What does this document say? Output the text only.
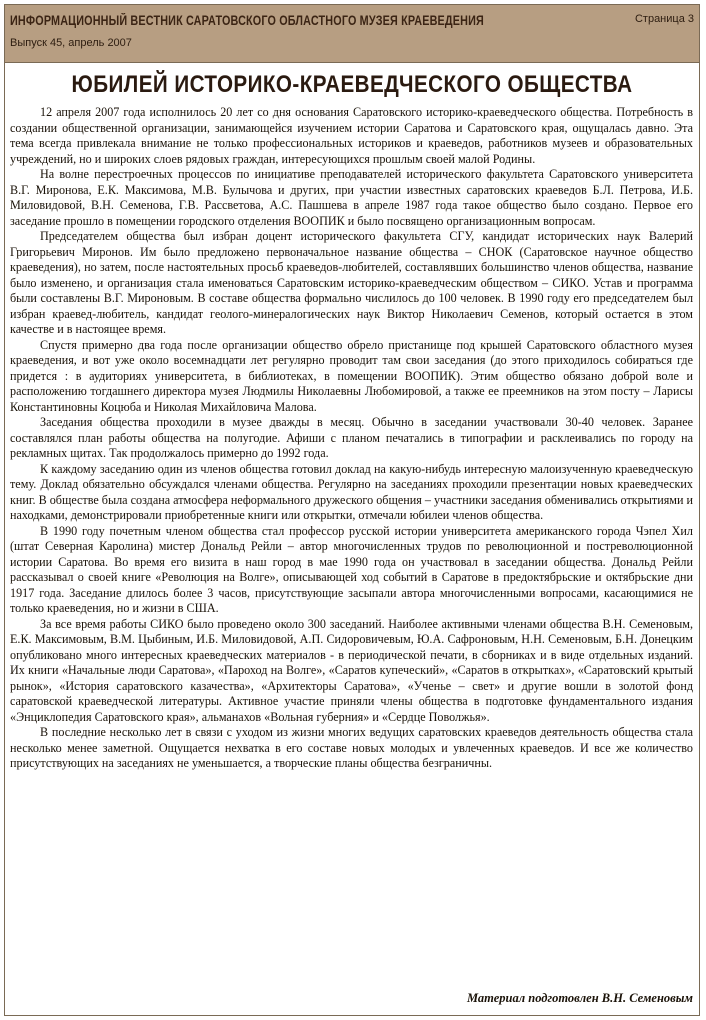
ИНФОРМАЦИОННЫЙ ВЕСТНИК САРАТОВСКОГО ОБЛАСТНОГО МУЗЕЯ КРАЕВЕДЕНИЯ
Выпуск 45, апрель 2007
Страница 3
ЮБИЛЕЙ ИСТОРИКО-КРАЕВЕДЧЕСКОГО ОБЩЕСТВА

12 апреля 2007 года исполнилось 20 лет со дня основания Саратовского историко-краеведческого общества. Потребность в создании общественной организации, занимающейся изучением истории Саратова и Саратовского края, ощущалась давно. Эта тема всегда привлекала внимание не только профессиональных историков и краеведов, работников музеев и образовательных учреждений, но и широких слоев рядовых граждан, интересующихся прошлым своей малой Родины.

На волне перестроечных процессов по инициативе преподавателей исторического факультета Саратовского университета В.Г. Миронова, Е.К. Максимова, М.В. Булычова и других, при участии известных саратовских краеведов Б.Л. Петрова, И.Б. Миловидовой, В.Н. Семенова, Г.В. Рассветова, А.С. Пашшева в апреле 1987 года такое общество было создано. Первое его заседание прошло в помещении городского отделения ВООПИК и было посвящено организационным вопросам.

Председателем общества был избран доцент исторического факультета СГУ, кандидат исторических наук Валерий Григорьевич Миронов. Им было предложено первоначальное название общества – СНОК (Саратовское научное общество краеведения), но затем, после настоятельных просьб краеведов-любителей, составлявших большинство членов общества, название было изменено, и организация стала именоваться Саратовским историко-краеведческим обществом – СИКО. Устав и программа были составлены В.Г. Мироновым. В составе общества формально числилось до 100 человек. В 1990 году его председателем был избран краевед-любитель, кандидат геолого-минералогических наук Виктор Николаевич Семенов, который остается в этом качестве и в настоящее время.

Спустя примерно два года после организации общество обрело пристанище под крышей Саратовского областного музея краеведения, и вот уже около восемнадцати лет регулярно проводит там свои заседания (до этого приходилось собираться где придется : в аудиториях университета, в библиотеках, в помещении ВООПИК). Этим общество обязано доброй воле и расположению тогдашнего директора музея Людмилы Николаевны Любомировой, а также ее преемников на этом посту – Ларисы Константиновны Коцюба и Николая Михайловича Малова.

Заседания общества проходили в музее дважды в месяц. Обычно в заседании участвовали 30-40 человек. Заранее составлялся план работы общества на полугодие. Афиши с планом печатались в типографии и расклеивались по городу на рекламных щитах. Так продолжалось примерно до 1992 года.

К каждому заседанию один из членов общества готовил доклад на какую-нибудь интересную малоизученную краеведческую тему. Доклад обязательно обсуждался членами общества. Регулярно на заседаниях проходили презентации новых краеведческих книг. В обществе была создана атмосфера неформального дружеского общения – участники заседания обменивались открытиями и находками, демонстрировали приобретенные книги или открытки, отмечали юбилеи членов общества.

В 1990 году почетным членом общества стал профессор русской истории университета американского города Чэпел Хил (штат Северная Каролина) мистер Дональд Рейли – автор многочисленных трудов по революционной и постреволюционной истории Саратова. Во время его визита в наш город в мае 1990 года он участвовал в заседании общества. Дональд Рейли рассказывал о своей книге «Революция на Волге», описывающей ход событий в Саратове в предоктябрьские и октябрьские дни 1917 года. Заседание длилось более 3 часов, присутствующие засыпали автора многочисленными вопросами, касающимися не только краеведения, но и жизни в США.

За все время работы СИКО было проведено около 300 заседаний. Наиболее активными членами общества В.Н. Семеновым, Е.К. Максимовым, В.М. Цыбиным, И.Б. Миловидовой, А.П. Сидоровичевым, Ю.А. Сафроновым, Н.Н. Семеновым, Б.Н. Донецким опубликовано много интересных краеведческих материалов - в периодической печати, в сборниках и в виде отдельных изданий. Их книги «Начальные люди Саратова», «Пароход на Волге», «Саратов купеческий», «Саратов в открытках», «Саратовский крытый рынок», «История саратовского казачества», «Архитекторы Саратова», «Ученье – свет» и другие вошли в золотой фонд саратовской краеведческой литературы. Активное участие приняли члены общества в подготовке фундаментального издания «Энциклопедия Саратовского края», альманахов «Вольная губерния» и «Сердце Поволжья».

В последние несколько лет в связи с уходом из жизни многих ведущих саратовских краеведов деятельность общества стала несколько менее заметной. Ощущается нехватка в его составе новых молодых и увлеченных краеведов. И все же количество присутствующих на заседаниях не уменьшается, а творческие планы общества безграничны.

Материал подготовлен В.Н. Семеновым
